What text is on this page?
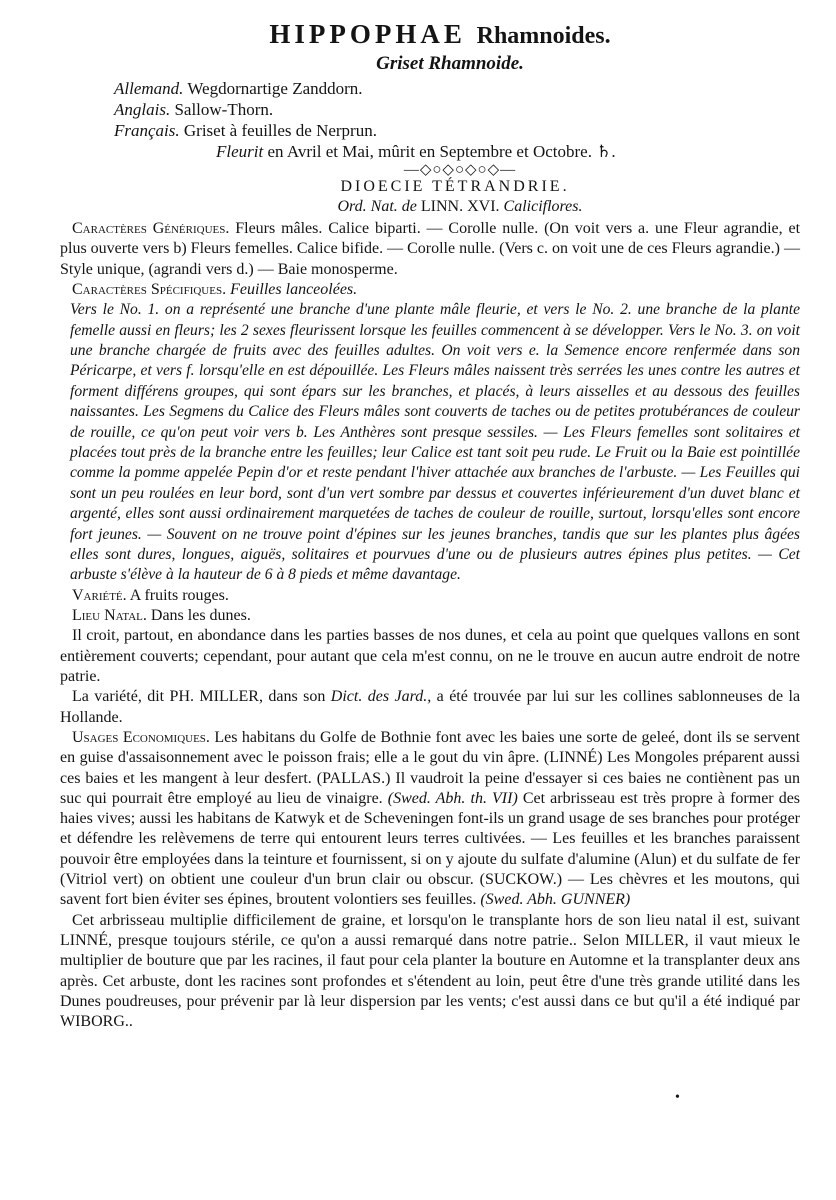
HIPPOPHAE Rhamnoides.
Griset Rhamnoide.
Allemand. Wegdornartige Zanddorn.
Anglais. Sallow-Thorn.
Français. Griset à feuilles de Nerprun.
Fleurit en Avril et Mai, mûrit en Septembre et Octobre. ♄.
—◇○◇○◇○◇—
DIOECIE TÉTRANDRIE.
Ord. Nat. de LINN. XVI. Caliciflores.

Caractères Génériques. Fleurs mâles. Calice biparti. — Corolle nulle. (On voit vers a. une Fleur agrandie, et plus ouverte vers b) Fleurs femelles. Calice bifide. — Corolle nulle. (Vers c. on voit une de ces Fleurs agrandie.) — Style unique, (agrandi vers d.) — Baie monosperme.

Caractères Spécifiques. Feuilles lanceolées.

Vers le No. 1. on a représenté une branche d'une plante mâle fleurie, et vers le No. 2. une branche de la plante femelle aussi en fleurs; les 2 sexes fleurissent lorsque les feuilles commencent à se développer. Vers le No. 3. on voit une branche chargée de fruits avec des feuilles adultes. On voit vers e. la Semence encore renfermée dans son Péricarpe, et vers f. lorsqu'elle en est dépouillée. Les Fleurs mâles naissent très serrées les unes contre les autres et forment différens groupes, qui sont épars sur les branches, et placés, à leurs aisselles et au dessous des feuilles naissantes. Les Segmens du Calice des Fleurs mâles sont couverts de taches ou de petites protubérances de couleur de rouille, ce qu'on peut voir vers b. Les Anthères sont presque sessiles. — Les Fleurs femelles sont solitaires et placées tout près de la branche entre les feuilles; leur Calice est tant soit peu rude. Le Fruit ou la Baie est pointillée comme la pomme appelée Pepin d'or et reste pendant l'hiver attachée aux branches de l'arbuste. — Les Feuilles qui sont un peu roulées en leur bord, sont d'un vert sombre par dessus et couvertes inférieurement d'un duvet blanc et argenté, elles sont aussi ordinairement marquetées de taches de couleur de rouille, surtout, lorsqu'elles sont encore fort jeunes. — Souvent on ne trouve point d'épines sur les jeunes branches, tandis que sur les plantes plus âgées elles sont dures, longues, aiguës, solitaires et pourvues d'une ou de plusieurs autres épines plus petites. — Cet arbuste s'élève à la hauteur de 6 à 8 pieds et même davantage.

Variété. A fruits rouges.

Lieu Natal. Dans les dunes.

Il croit, partout, en abondance dans les parties basses de nos dunes, et cela au point que quelques vallons en sont entièrement couverts; cependant, pour autant que cela m'est connu, on ne le trouve en aucun autre endroit de notre patrie.

La variété, dit PH. MILLER, dans son Dict. des Jard., a été trouvée par lui sur les collines sablonneuses de la Hollande.

Usages Economiques. Les habitans du Golfe de Bothnie font avec les baies une sorte de geleé, dont ils se servent en guise d'assaisonnement avec le poisson frais; elle a le gout du vin âpre. (LINNÉ) Les Mongoles préparent aussi ces baies et les mangent à leur desfert. (PALLAS.) Il vaudroit la peine d'essayer si ces baies ne contiènent pas un suc qui pourrait être employé au lieu de vinaigre. (Swed. Abh. th. VII) Cet arbrisseau est très propre à former des haies vives; aussi les habitans de Katwyk et de Scheveningen font-ils un grand usage de ses branches pour protéger et défendre les relèvemens de terre qui entourent leurs terres cultivées. — Les feuilles et les branches paraissent pouvoir être employées dans la teinture et fournissent, si on y ajoute du sulfate d'alumine (Alun) et du sulfate de fer (Vitriol vert) on obtient une couleur d'un brun clair ou obscur. (SUCKOW.) — Les chèvres et les moutons, qui savent fort bien éviter ses épines, broutent volontiers ses feuilles. (Swed. Abh. GUNNER)

Cet arbrisseau multiplie difficilement de graine, et lorsqu'on le transplante hors de son lieu natal il est, suivant LINNÉ, presque toujours stérile, ce qu'on a aussi remarqué dans notre patrie.. Selon MILLER, il vaut mieux le multiplier de bouture que par les racines, il faut pour cela planter la bouture en Automne et la transplanter deux ans après. Cet arbuste, dont les racines sont profondes et s'étendent au loin, peut être d'une très grande utilité dans les Dunes poudreuses, pour prévenir par là leur dispersion par les vents; c'est aussi dans ce but qu'il a été indiqué par WIBORG..

•
